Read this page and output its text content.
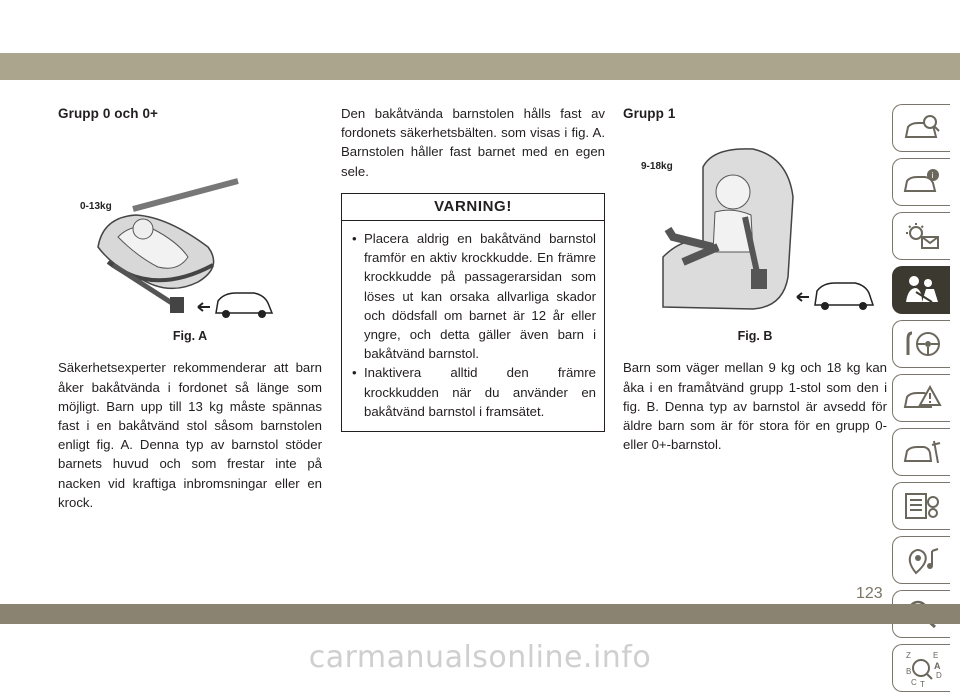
Grupp 0 och 0+
0-13kg
Fig. A

Säkerhetsexperter rekommenderar att barn åker bakåtvända i fordonet så länge som möjligt. Barn upp till 13 kg måste spännas fast i en bakåtvänd stol såsom barnstolen enligt fig. A. Denna typ av barnstol stöder barnets huvud och som frestar inte på nacken vid kraftiga inbromsningar eller en krock.

Den bakåtvända barnstolen hålls fast av fordonets säkerhetsbälten. som visas i fig. A. Barnstolen håller fast barnet med en egen sele.

VARNING!
• Placera aldrig en bakåtvänd barnstol framför en aktiv krockkudde. En främre krockkudde på passagerarsidan som löses ut kan orsaka allvarliga skador och dödsfall om barnet är 12 år eller yngre, och detta gäller även barn i bakåtvänd barnstol.
• Inaktivera alltid den främre krockkudden när du använder en bakåtvänd barnstol i framsätet.
Grupp 1
9-18kg
Fig. B

Barn som väger mellan 9 kg och 18 kg kan åka i en framåtvänd grupp 1-stol som den i fig. B. Denna typ av barnstol är avsedd för äldre barn som är för stora för en grupp 0- eller 0+-barnstol.

i
Z	E
A
B
C
D
T
123
carmanualsonline.info
